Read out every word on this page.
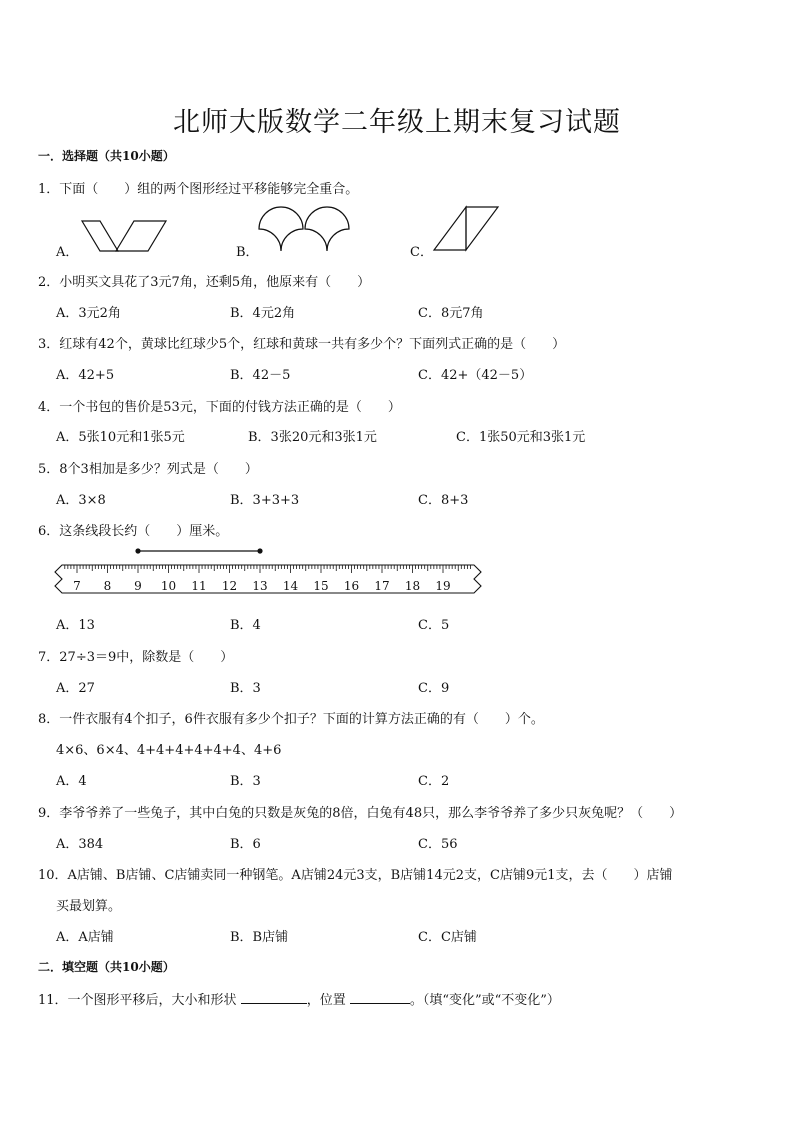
北师大版数学二年级上期末复习试题
一．选择题（共10小题）
1．下面（　　）组的两个图形经过平移能够完全重合。
A．	B．	C．
2．小明买文具花了3元7角，还剩5角，他原来有（　　）
A．3元2角	B．4元2角	C．8元7角
3．红球有42个，黄球比红球少5个，红球和黄球一共有多少个？下面列式正确的是（　　）
A．42+5	B．42－5	C．42+（42－5）
4．一个书包的售价是53元，下面的付钱方法正确的是（　　）
A．5张10元和1张5元	B．3张20元和3张1元	C．1张50元和3张1元
5．8个3相加是多少？列式是（　　）
A．3×8	B．3+3+3	C．8+3
6．这条线段长约（　　）厘米。
7 8 9 10 11 12 13 14 15 16 17 18 19
A．13	B．4	C．5
7．27÷3＝9中，除数是（　　）
A．27	B．3	C．9
8．一件衣服有4个扣子，6件衣服有多少个扣子？下面的计算方法正确的有（　　）个。
4×6、6×4、4+4+4+4+4+4、4+6
A．4	B．3	C．2
9．李爷爷养了一些兔子，其中白兔的只数是灰兔的8倍，白兔有48只，那么李爷爷养了多少只灰兔呢？（　　）
A．384	B．6	C．56
10．A店铺、B店铺、C店铺卖同一种钢笔。A店铺24元3支，B店铺14元2支，C店铺9元1支，去（　　）店铺
买最划算。
A．A店铺	B．B店铺	C．C店铺
二．填空题（共10小题）
11．一个图形平移后，大小和形状	，位置	。（填“变化”或“不变化”）
